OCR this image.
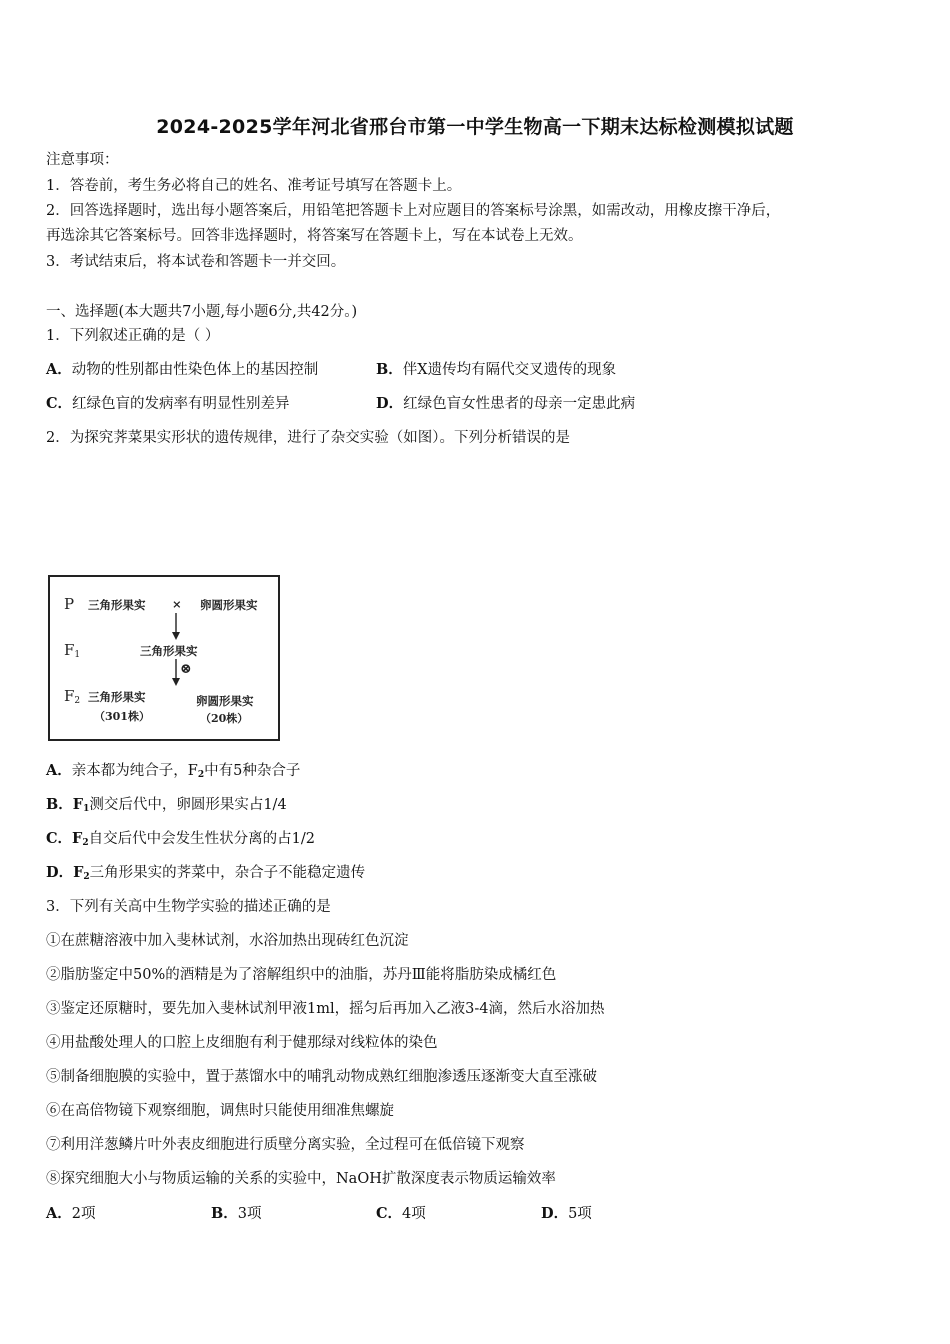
2024-2025学年河北省邢台市第一中学生物高一下期末达标检测模拟试题
注意事项：
1．答卷前，考生务必将自己的姓名、准考证号填写在答题卡上。
2．回答选择题时，选出每小题答案后，用铅笔把答题卡上对应题目的答案标号涂黑，如需改动，用橡皮擦干净后，
再选涂其它答案标号。回答非选择题时，将答案写在答题卡上，写在本试卷上无效。
3．考试结束后，将本试卷和答题卡一并交回。
一、选择题(本大题共7小题,每小题6分,共42分。)
1．下列叙述正确的是（ ）
A．动物的性别都由性染色体上的基因控制	B．伴X遗传均有隔代交叉遗传的现象
C．红绿色盲的发病率有明显性别差异	D．红绿色盲女性患者的母亲一定患此病
2．为探究荠菜果实形状的遗传规律，进行了杂交实验（如图）。下列分析错误的是
P 三角形果实 × 卵圆形果实
$F_1$	三角形果实
⊗
$F_2$ 三角形果实
（301株）
卵圆形果实
（20株）
A．亲本都为纯合子，$F_2$中有5种杂合子
B．$F_1$测交后代中，卵圆形果实占1/4
C．$F_2$自交后代中会发生性状分离的占1/2
D．$F_2$三角形果实的荠菜中，杂合子不能稳定遗传
3．下列有关高中生物学实验的描述正确的是
①在蔗糖溶液中加入斐林试剂，水浴加热出现砖红色沉淀
②脂肪鉴定中50%的酒精是为了溶解组织中的油脂，苏丹Ⅲ能将脂肪染成橘红色
③鉴定还原糖时，要先加入斐林试剂甲液1ml，摇匀后再加入乙液3-4滴，然后水浴加热
④用盐酸处理人的口腔上皮细胞有利于健那绿对线粒体的染色
⑤制备细胞膜的实验中，置于蒸馏水中的哺乳动物成熟红细胞渗透压逐渐变大直至涨破
⑥在高倍物镜下观察细胞，调焦时只能使用细准焦螺旋
⑦利用洋葱鳞片叶外表皮细胞进行质壁分离实验，全过程可在低倍镜下观察
⑧探究细胞大小与物质运输的关系的实验中，NaOH扩散深度表示物质运输效率
A．2项	B．3项	C．4项	D．5项
